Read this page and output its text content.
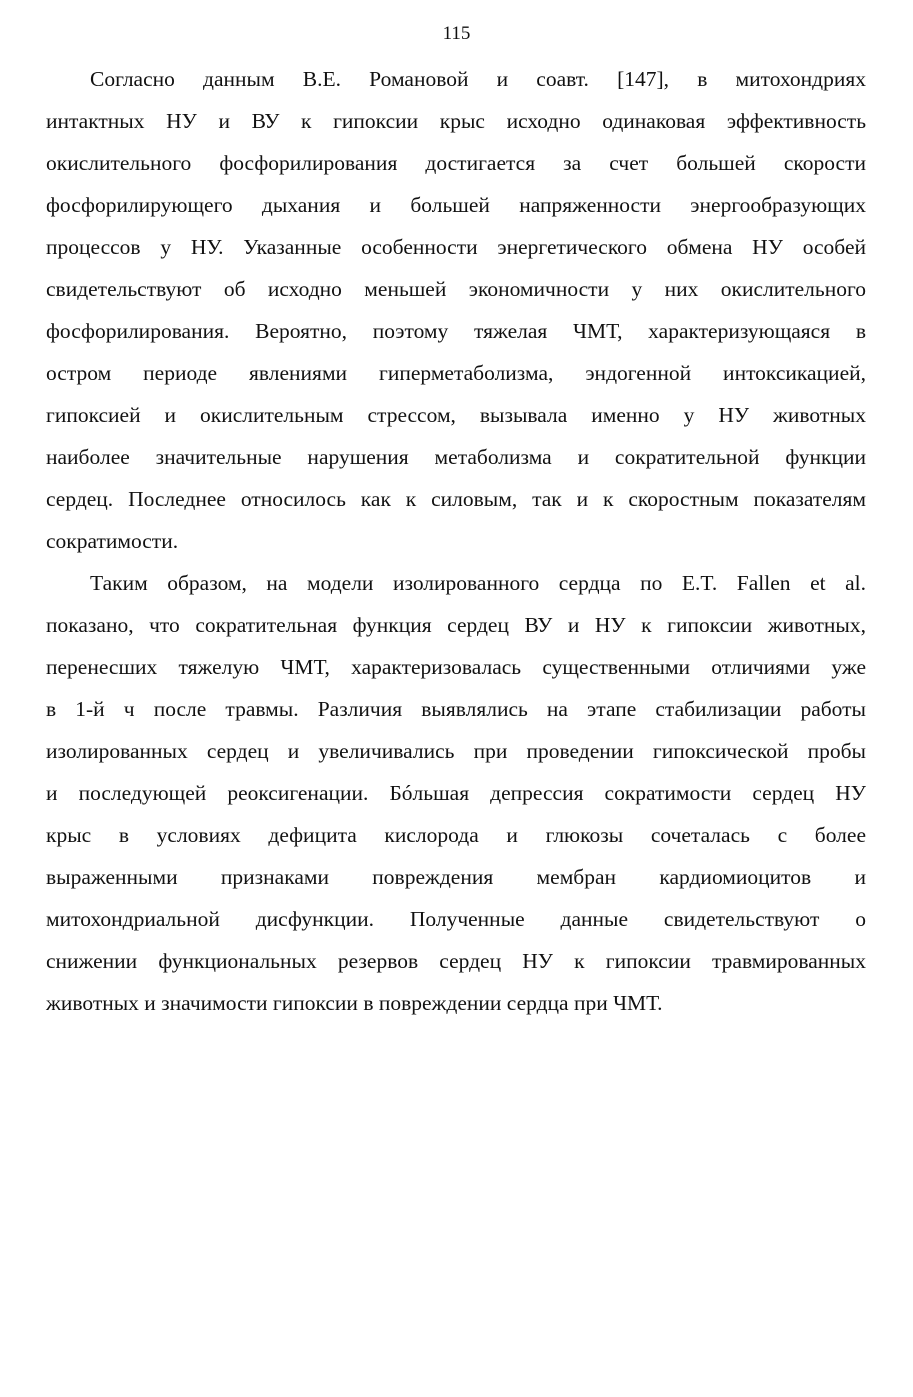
115
Согласно данным В.Е. Романовой и соавт. [147], в митохондриях
интактных НУ и ВУ к гипоксии крыс исходно одинаковая эффективность
окислительного фосфорилирования достигается за счет большей скорости
фосфорилирующего дыхания и большей напряженности энергообразующих
процессов у НУ. Указанные особенности энергетического обмена НУ особей
свидетельствуют об исходно меньшей экономичности у них окислительного
фосфорилирования. Вероятно, поэтому тяжелая ЧМТ, характеризующаяся в
остром периоде явлениями гиперметаболизма, эндогенной интоксикацией,
гипоксией и окислительным стрессом, вызывала именно у НУ животных
наиболее значительные нарушения метаболизма и сократительной функции
сердец. Последнее относилось как к силовым, так и к скоростным показателям
сократимости.
Таким образом, на модели изолированного сердца по E.T. Fallen et al.
показано, что сократительная функция сердец ВУ и НУ к гипоксии животных,
перенесших тяжелую ЧМТ, характеризовалась существенными отличиями уже
в 1-й ч после травмы. Различия выявлялись на этапе стабилизации работы
изолированных сердец и увеличивались при проведении гипоксической пробы
и последующей реоксигенации. Бóльшая депрессия сократимости сердец НУ
крыс в условиях дефицита кислорода и глюкозы сочеталась с более
выраженными признаками повреждения мембран кардиомиоцитов и
митохондриальной дисфункции. Полученные данные свидетельствуют о
снижении функциональных резервов сердец НУ к гипоксии травмированных
животных и значимости гипоксии в повреждении сердца при ЧМТ.
